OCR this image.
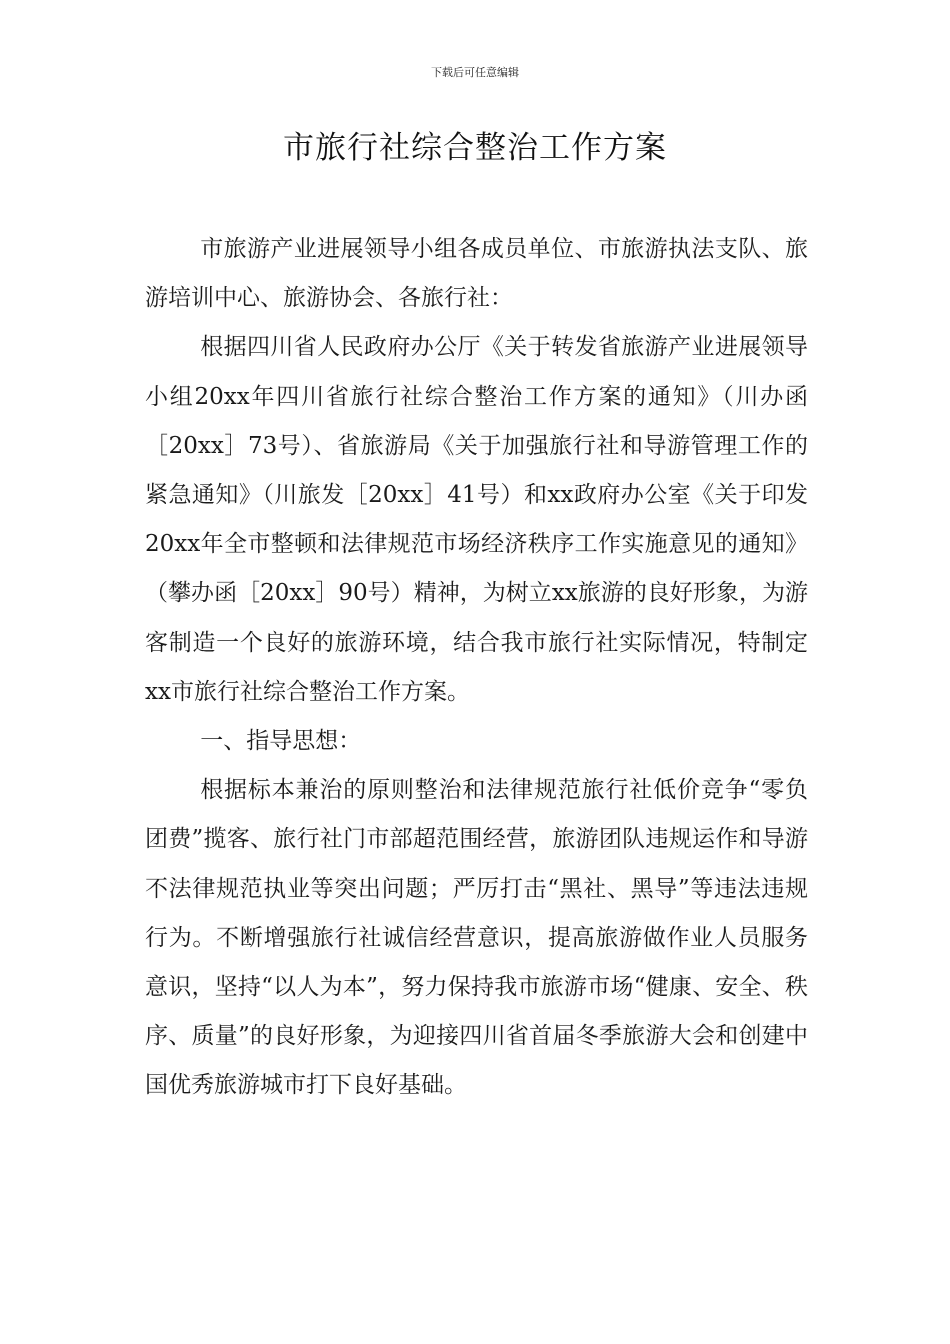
下载后可任意编辑
市旅行社综合整治工作方案

市旅游产业进展领导小组各成员单位、市旅游执法支队、旅游培训中心、旅游协会、各旅行社：

根据四川省人民政府办公厅《关于转发省旅游产业进展领导小组20xx年四川省旅行社综合整治工作方案的通知》（川办函［20xx］73号）、省旅游局《关于加强旅行社和导游管理工作的紧急通知》（川旅发［20xx］41号）和xx政府办公室《关于印发20xx年全市整顿和法律规范市场经济秩序工作实施意见的通知》（攀办函［20xx］90号）精神，为树立xx旅游的良好形象，为游客制造一个良好的旅游环境，结合我市旅行社实际情况，特制定xx市旅行社综合整治工作方案。

一、指导思想：

根据标本兼治的原则整治和法律规范旅行社低价竞争“零负团费”揽客、旅行社门市部超范围经营，旅游团队违规运作和导游不法律规范执业等突出问题；严厉打击“黑社、黑导”等违法违规行为。不断增强旅行社诚信经营意识，提高旅游做作业人员服务意识，坚持“以人为本”，努力保持我市旅游市场“健康、安全、秩序、质量”的良好形象，为迎接四川省首届冬季旅游大会和创建中国优秀旅游城市打下良好基础。
